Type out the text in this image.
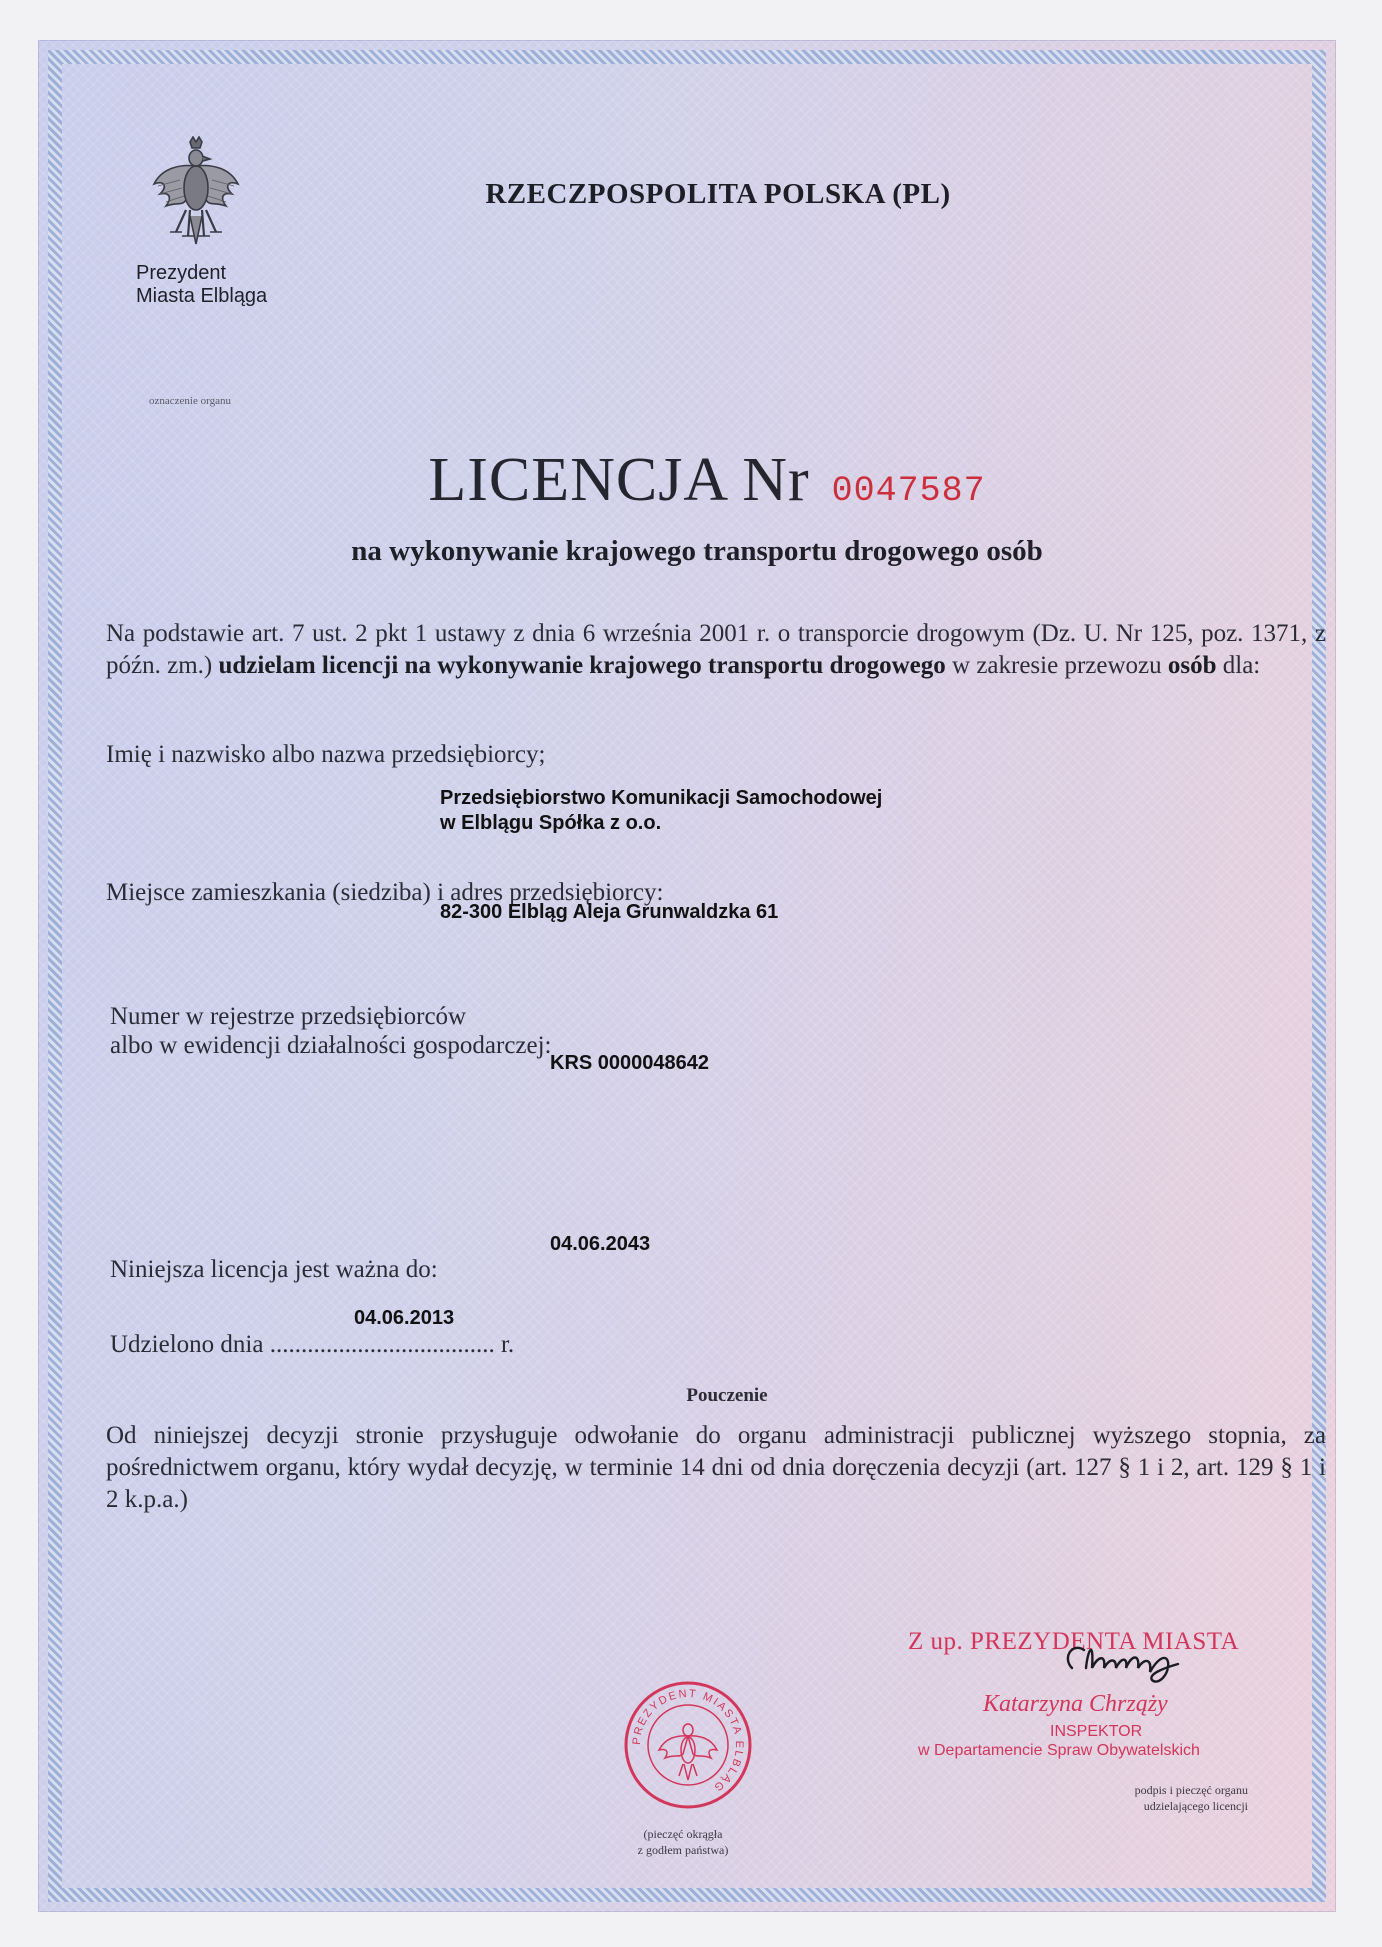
Prezydent
Miasta Elbląga
oznaczenie organu
RZECZPOSPOLITA POLSKA (PL)
LICENCJA Nr 0047587
na wykonywanie krajowego transportu drogowego osób
Na podstawie art. 7 ust. 2 pkt 1 ustawy z dnia 6 września 2001 r. o transporcie drogowym (Dz. U. Nr 125, poz. 1371, z późn. zm.) udzielam licencji na wykonywanie krajowego transportu drogowego w zakresie przewozu osób dla:
Imię i nazwisko albo nazwa przedsiębiorcy;
Przedsiębiorstwo Komunikacji Samochodowej
w Elblągu Spółka z o.o.
Miejsce zamieszkania (siedziba) i adres przedsiębiorcy:
82-300 Elbląg Aleja Grunwaldzka 61
Numer w rejestrze przedsiębiorców
albo w ewidencji działalności gospodarczej:
KRS 0000048642
04.06.2043
Niniejsza licencja jest ważna do:
04.06.2013
Udzielono dnia .................................... r.
Pouczenie
Od niniejszej decyzji stronie przysługuje odwołanie do organu administracji publicznej wyższego stopnia, za pośrednictwem organu, który wydał decyzję, w terminie 14 dni od dnia doręczenia decyzji (art. 127 § 1 i 2, art. 129 § 1 i 2 k.p.a.)
Z up. PREZYDENTA MIASTA
Katarzyna Chrząży
INSPEKTOR
w Departamencie Spraw Obywatelskich
PREZYDENT MIASTA ELBLĄG
(pieczęć okrągła
z godłem państwa)
podpis i pieczęć organu
udzielającego licencji
